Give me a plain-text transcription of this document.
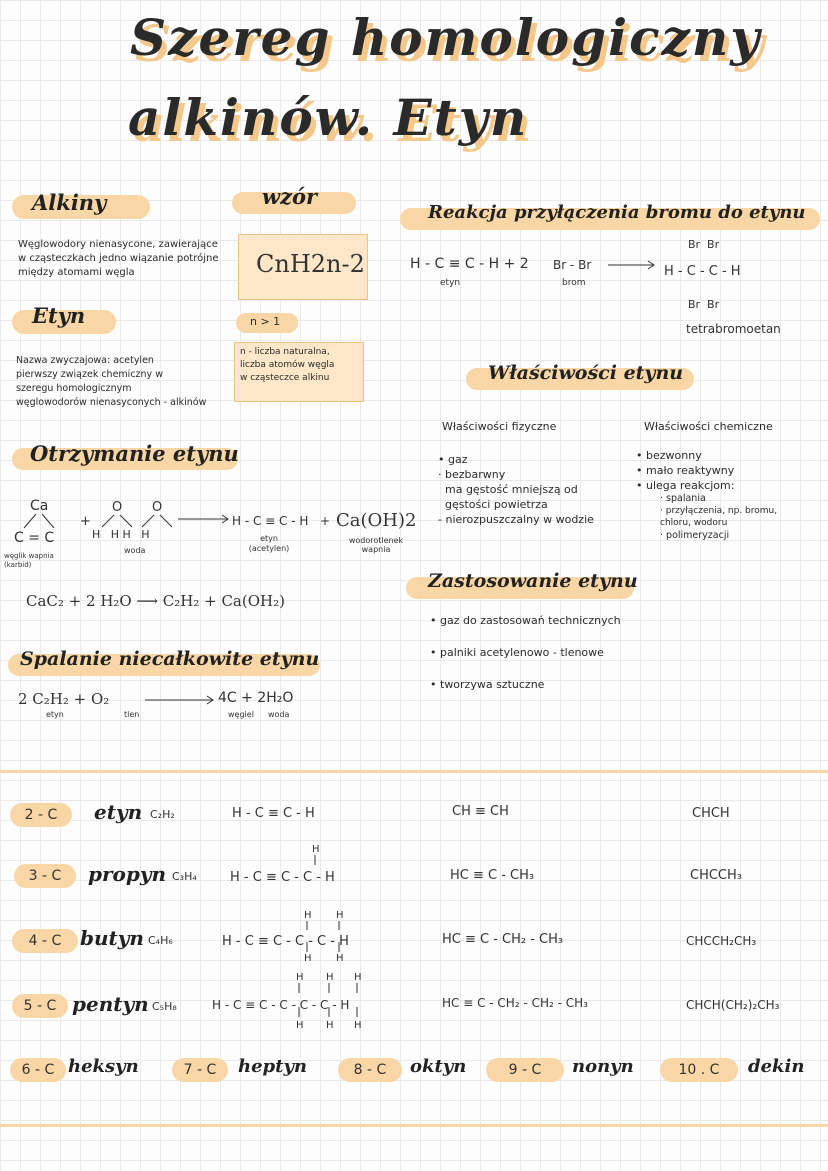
Szereg homologiczny
alkinów. Etyn
Alkiny
Węglowodory nienasycone, zawierające
w cząsteczkach jedno wiązanie potrójne
między atomami węgla
wzór
CnH2n-2
n > 1
n - liczba naturalna,
liczba atomów węgla
w cząsteczce alkinu
Etyn
Nazwa zwyczajowa: acetylen
pierwszy związek chemiczny w
szeregu homologicznym
węglowodorów nienasyconych - alkinów
Otrzymanie etynu
Ca
C = C
+
O O
H   H H   H
H - C ≡ C - H + Ca(OH)2
węglik wapnia (karbid)
woda
etyn (acetylen)
wodorotlenek wapnia
CaC₂ + 2 H₂O ⟶ C₂H₂ + Ca(OH₂)
Spalanie niecałkowite etynu
2 C₂H₂ + O₂	4C + 2H₂O
etyn	tlen	węgiel woda
Reakcja przyłączenia bromu do etynu
H - C ≡ C - H + 2 Br - Br
etyn	brom
Br  Br
H - C - C - H
Br  Br
tetrabromoetan
Właściwości etynu
Właściwości fizyczne
• gaz
· bezbarwny
ma gęstość mniejszą od
gęstości powietrza
- nierozpuszczalny w wodzie
Właściwości chemiczne
• bezwonny
• mało reaktywny
• ulega reakcjom:
· spalania
· przyłączenia, np. bromu, chloru, wodoru
· polimeryzacji
Zastosowanie etynu
• gaz do zastosowań technicznych
• palniki acetylenowo - tlenowe
• tworzywa sztuczne
2 - C	etyn C₂H₂	H - C ≡ C - H	CH ≡ CH	CHCH
3 - C	propyn C₃H₄	H - C ≡ C - C - H	HC ≡ C - CH₃	CHCCH₃
4 - C butyn C₄H₆	H - C ≡ C - C - C - H	HC ≡ C - CH₂ - CH₃	CHCCH₂CH₃
5 - C pentyn C₅H₈	H - C ≡ C - C - C - C - H	HC ≡ C - CH₂ - CH₂ - CH₃	CHCH(CH₂)₂CH₃
H
H H
H H
H H H
H H H
6 - C heksyn	7 - C	heptyn	8 - C	oktyn	9 - C	nonyn	10 . C	dekin
